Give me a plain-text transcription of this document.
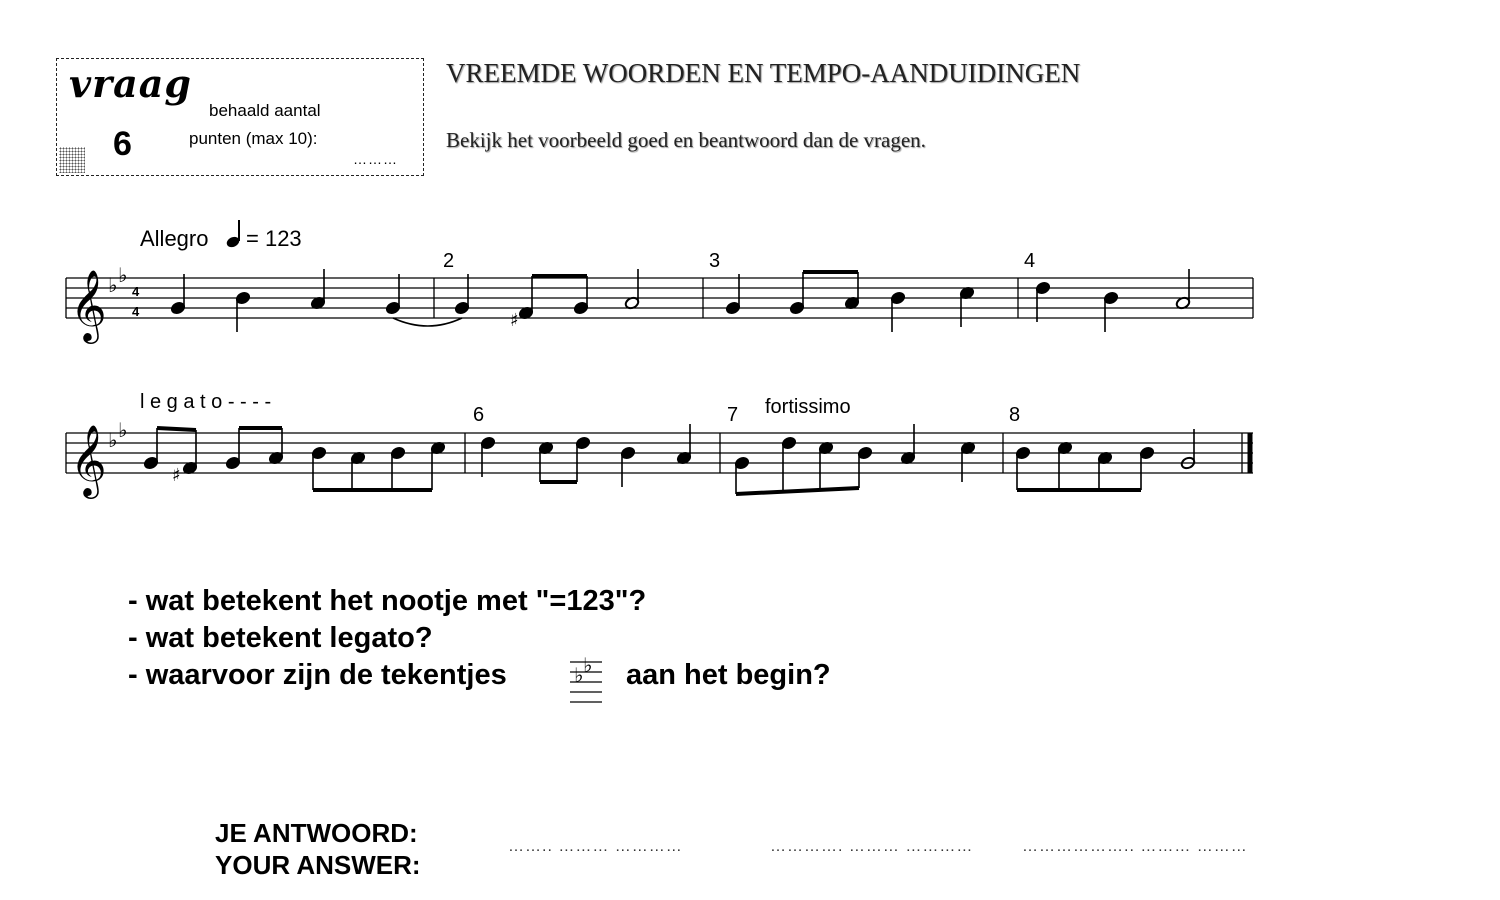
vraag
6
behaald aantal
punten (max 10):
………
VREEMDE WOORDEN EN TEMPO-AANDUIDINGEN
Bekijk het voorbeeld goed en beantwoord dan de vragen.
𝄞 ♭ ♭
4
4
Allegro = 123
2	3	4
♯
𝄞 ♭ ♭
l e g a t o - - - -	fortissimo
6	7	8
♯
- wat betekent het nootje met "=123"?
- wat betekent legato?
- waarvoor zijn de tekentjes	♭ ♭ aan het begin?
JE ANTWOORD:
YOUR ANSWER:
…….. ……… …………	…………. ……… …………	……………….. ……… ………
